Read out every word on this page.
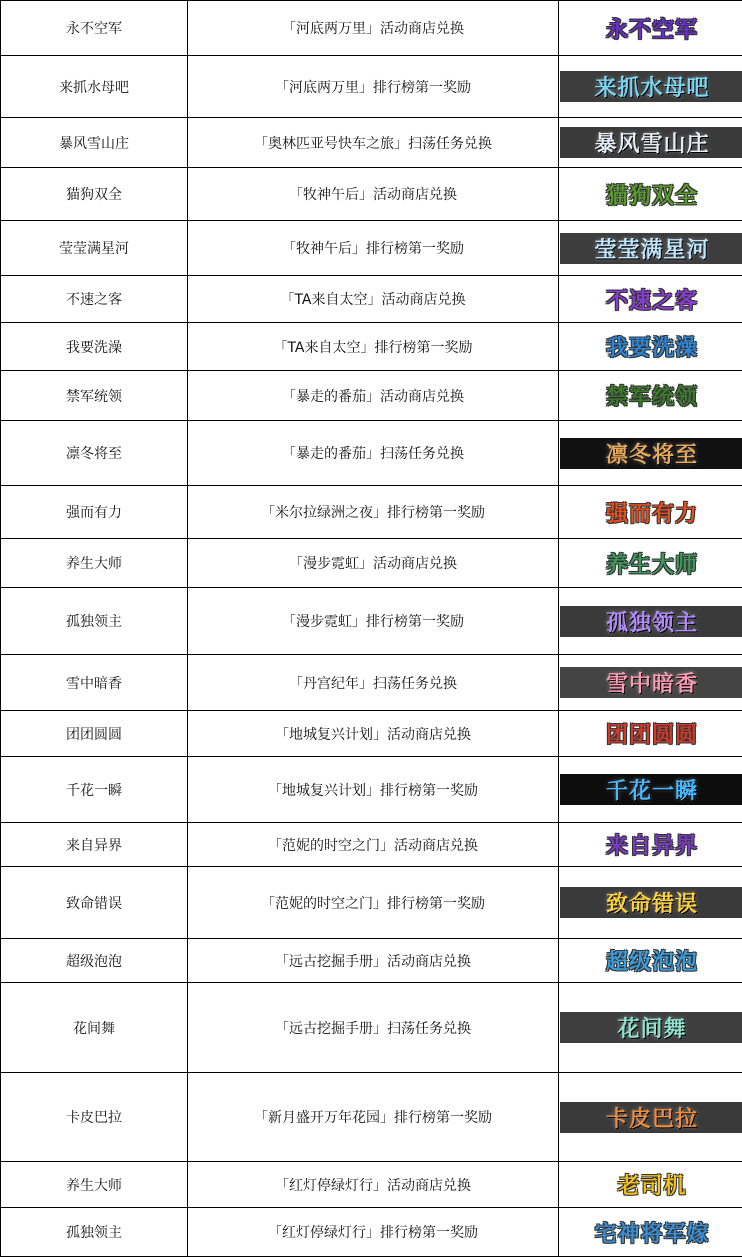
永不空军	「河底两万里」活动商店兑换	永不空军

来抓水母吧	「河底两万里」排行榜第一奖励	来抓水母吧

暴风雪山庄	「奥林匹亚号快车之旅」扫荡任务兑换	暴风雪山庄

猫狗双全	「牧神午后」活动商店兑换	猫狗双全

莹莹满星河	「牧神午后」排行榜第一奖励	莹莹满星河

不速之客	「TA来自太空」活动商店兑换	不速之客

我要洗澡	「TA来自太空」排行榜第一奖励	我要洗澡

禁军统领	「暴走的番茄」活动商店兑换	禁军统领

凛冬将至	「暴走的番茄」扫荡任务兑换	凛冬将至

强而有力	「米尔拉绿洲之夜」排行榜第一奖励	强而有力

养生大师	「漫步霓虹」活动商店兑换	养生大师

孤独领主	「漫步霓虹」排行榜第一奖励	孤独领主

雪中暗香	「丹宫纪年」扫荡任务兑换	雪中暗香

团团圆圆	「地城复兴计划」活动商店兑换	团团圆圆

千花一瞬	「地城复兴计划」排行榜第一奖励	千花一瞬

来自异界	「范妮的时空之门」活动商店兑换	来自异界

致命错误	「范妮的时空之门」排行榜第一奖励	致命错误

超级泡泡	「远古挖掘手册」活动商店兑换	超级泡泡

花间舞	「远古挖掘手册」扫荡任务兑换	花间舞

卡皮巴拉	「新月盛开万年花园」排行榜第一奖励	卡皮巴拉

养生大师	「红灯停绿灯行」活动商店兑换	老司机

孤独领主	「红灯停绿灯行」排行榜第一奖励	宅神将军嫁
